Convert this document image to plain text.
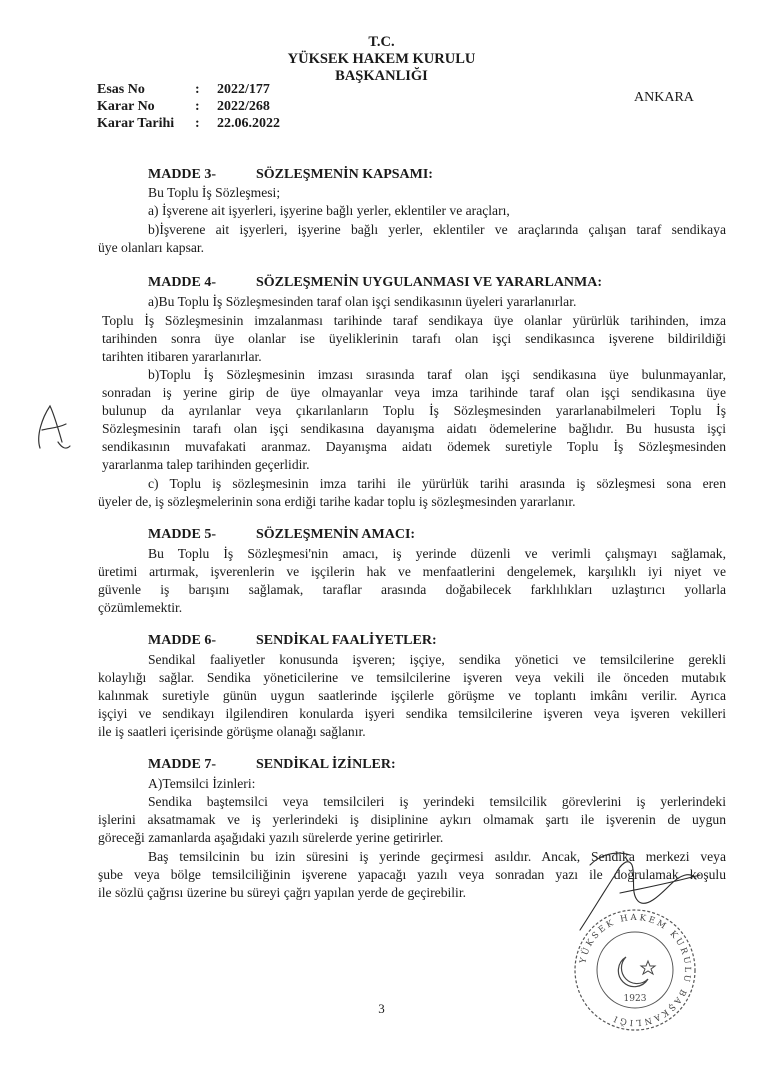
T.C.
YÜKSEK HAKEM KURULU
BAŞKANLIĞI
Esas No	: 2022/177
Karar No	: 2022/268
Karar Tarihi : 22.06.2022
ANKARA
MADDE 3-	SÖZLEŞMENİN KAPSAMI:
Bu Toplu İş Sözleşmesi;
a) İşverene ait işyerleri, işyerine bağlı yerler, eklentiler ve araçları,
b)İşverene ait işyerleri, işyerine bağlı yerler, eklentiler ve araçlarında çalışan taraf sendikaya
üye olanları kapsar.
MADDE 4-	SÖZLEŞMENİN UYGULANMASI VE YARARLANMA:
a)Bu Toplu İş Sözleşmesinden taraf olan işçi sendikasının üyeleri yararlanırlar.
Toplu İş Sözleşmesinin imzalanması tarihinde taraf sendikaya üye olanlar yürürlük tarihinden, imza
tarihinden sonra üye olanlar ise üyeliklerinin tarafı olan işçi sendikasınca işverene bildirildiği
tarihten itibaren yararlanırlar.
b)Toplu İş Sözleşmesinin imzası sırasında taraf olan işçi sendikasına üye bulunmayanlar,
sonradan iş yerine girip de üye olmayanlar veya imza tarihinde taraf olan işçi sendikasına üye
bulunup da ayrılanlar veya çıkarılanların Toplu İş Sözleşmesinden yararlanabilmeleri Toplu İş
Sözleşmesinin tarafı olan işçi sendikasına dayanışma aidatı ödemelerine bağlıdır. Bu hususta işçi
sendikasının muvafakati aranmaz. Dayanışma aidatı ödemek suretiyle Toplu İş Sözleşmesinden
yararlanma talep tarihinden geçerlidir.
c) Toplu iş sözleşmesinin imza tarihi ile yürürlük tarihi arasında iş sözleşmesi sona eren
üyeler de, iş sözleşmelerinin sona erdiği tarihe kadar toplu iş sözleşmesinden yararlanır.
MADDE 5-	SÖZLEŞMENİN AMACI:
Bu Toplu İş Sözleşmesi'nin amacı, iş yerinde düzenli ve verimli çalışmayı sağlamak,
üretimi artırmak, işverenlerin ve işçilerin hak ve menfaatlerini dengelemek, karşılıklı iyi niyet ve
güvenle iş barışını sağlamak, taraflar arasında doğabilecek farklılıkları uzlaştırıcı yollarla
çözümlemektir.
MADDE 6-	SENDİKAL FAALİYETLER:
Sendikal faaliyetler konusunda işveren; işçiye, sendika yönetici ve temsilcilerine gerekli
kolaylığı sağlar. Sendika yöneticilerine ve temsilcilerine işveren veya vekili ile önceden mutabık
kalınmak suretiyle günün uygun saatlerinde işçilerle görüşme ve toplantı imkânı verilir. Ayrıca
işçiyi ve sendikayı ilgilendiren konularda işyeri sendika temsilcilerine işveren veya işveren vekilleri
ile iş saatleri içerisinde görüşme olanağı sağlanır.
MADDE 7-	SENDİKAL İZİNLER:
A)Temsilci İzinleri:
Sendika baştemsilci veya temsilcileri iş yerindeki temsilcilik görevlerini iş yerlerindeki
işlerini aksatmamak ve iş yerlerindeki iş disiplinine aykırı olmamak şartı ile işverenin de uygun
göreceği zamanlarda aşağıdaki yazılı sürelerde yerine getirirler.
Baş temsilcinin bu izin süresini iş yerinde geçirmesi asıldır. Ancak, Sendika merkezi veya
şube veya bölge temsilciliğinin işverene yapacağı yazılı veya sonradan yazı ile doğrulamak koşulu
ile sözlü çağrısı üzerine bu süreyi çağrı yapılan yerde de geçirebilir.
YÜKSEK HAKEM KURULU BAŞKANLIĞI
1923
3
